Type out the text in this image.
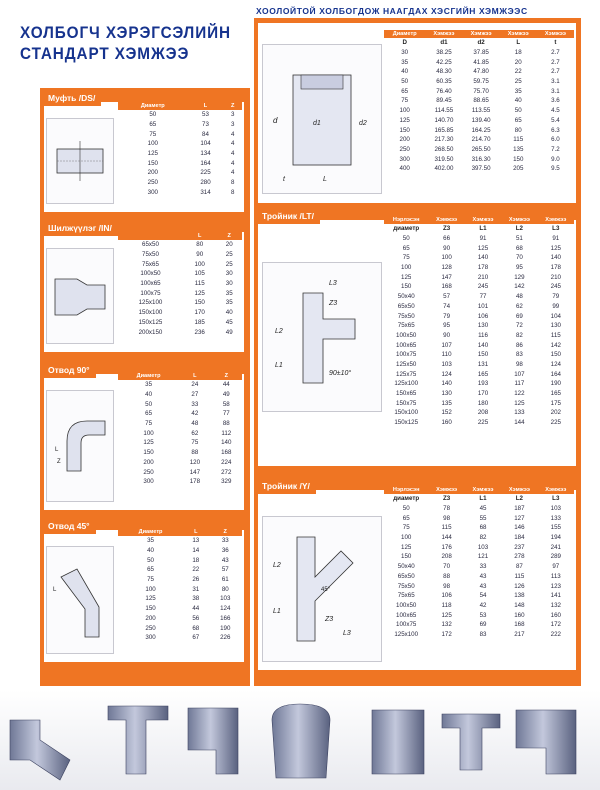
ХОЛБОГЧ ХЭРЭГСЭЛИЙН
СТАНДАРТ ХЭМЖЭЭ
ХООЛОЙТОЙ ХОЛБОГДОЖ НААГДАХ ХЭСГИЙН ХЭМЖЭЭС
Муфть /DS/
Шилжүүлэг /IN/
Отвод 90°
Отвод 45°
Тройник /LT/
Тройник /Y/
L
Z
L
d	d1	d2
L
t
L3
Z3
L2
L1
90±10°
L2
L1
Z3
L3
45°
Диаметр	Хэмжээ	Хэмжээ	Хэмжээ	Хэмжээ
D	d1	d2	L	t
30	38.25	37.85	18	2.7
35	42.25	41.85	20	2.7
40	48.30	47.80	22	2.7
50	60.35	59.75	25	3.1
65	76.40	75.70	35	3.1
75	89.45	88.65	40	3.6
100	114.55	113.55	50	4.5
125	140.70	139.40	65	5.4
150	165.85	164.25	80	6.3
200	217.30	214.70	115	6.0
250	268.50	265.50	135	7.2
300	319.50	316.30	150	9.0
400	402.00	397.50	205	9.5
Диаметр	L	Z
50	53	3
65	73	3
75	84	4
100	104	4
125	134	4
150	164	4
200	225	4
250	280	8
300	314	8
	L	Z
65x50	80	20
75x50	90	25
75x65	100	25
100x50	105	30
100x65	115	30
100x75	125	35
125x100	150	35
150x100	170	40
150x125	185	45
200x150	236	49
Диаметр	L	Z
35	24	44
40	27	49
50	33	58
65	42	77
75	48	88
100	62	112
125	75	140
150	88	168
200	120	224
250	147	272
300	178	329
Диаметр	L	Z
35	13	33
40	14	36
50	18	43
65	22	57
75	26	61
100	31	80
125	38	103
150	44	124
200	56	166
250	68	190
300	67	226
Нэрлэсэн	Хэмжээ	Хэмжээ	Хэмжээ	Хэмжээ
диаметр	Z3	L1	L2	L3
50	66	91	51	91
65	90	125	68	125
75	100	140	70	140
100	128	178	95	178
125	147	210	129	210
150	168	245	142	245
50x40	57	77	48	79
65x50	74	101	62	99
75x50	79	106	69	104
75x65	95	130	72	130
100x50	90	116	82	115
100x65	107	140	86	142
100x75	110	150	83	150
125x50	103	131	98	124
125x75	124	165	107	164
125x100	140	193	117	190
150x65	130	170	122	165
150x75	135	180	125	175
150x100	152	208	133	202
150x125	160	225	144	225
Нэрлэсэн	Хэмжээ	Хэмжээ	Хэмжээ	Хэмжээ
диаметр	Z3	L1	L2	L3
50	78	45	187	103
65	98	55	127	133
75	115	68	146	155
100	144	82	184	194
125	176	103	237	241
150	208	121	278	289
50x40	70	33	87	97
65x50	88	43	115	113
75x50	98	43	126	123
75x65	106	54	138	141
100x50	118	42	148	132
100x65	125	53	160	160
100x75	132	69	168	172
125x100	172	83	217	222
